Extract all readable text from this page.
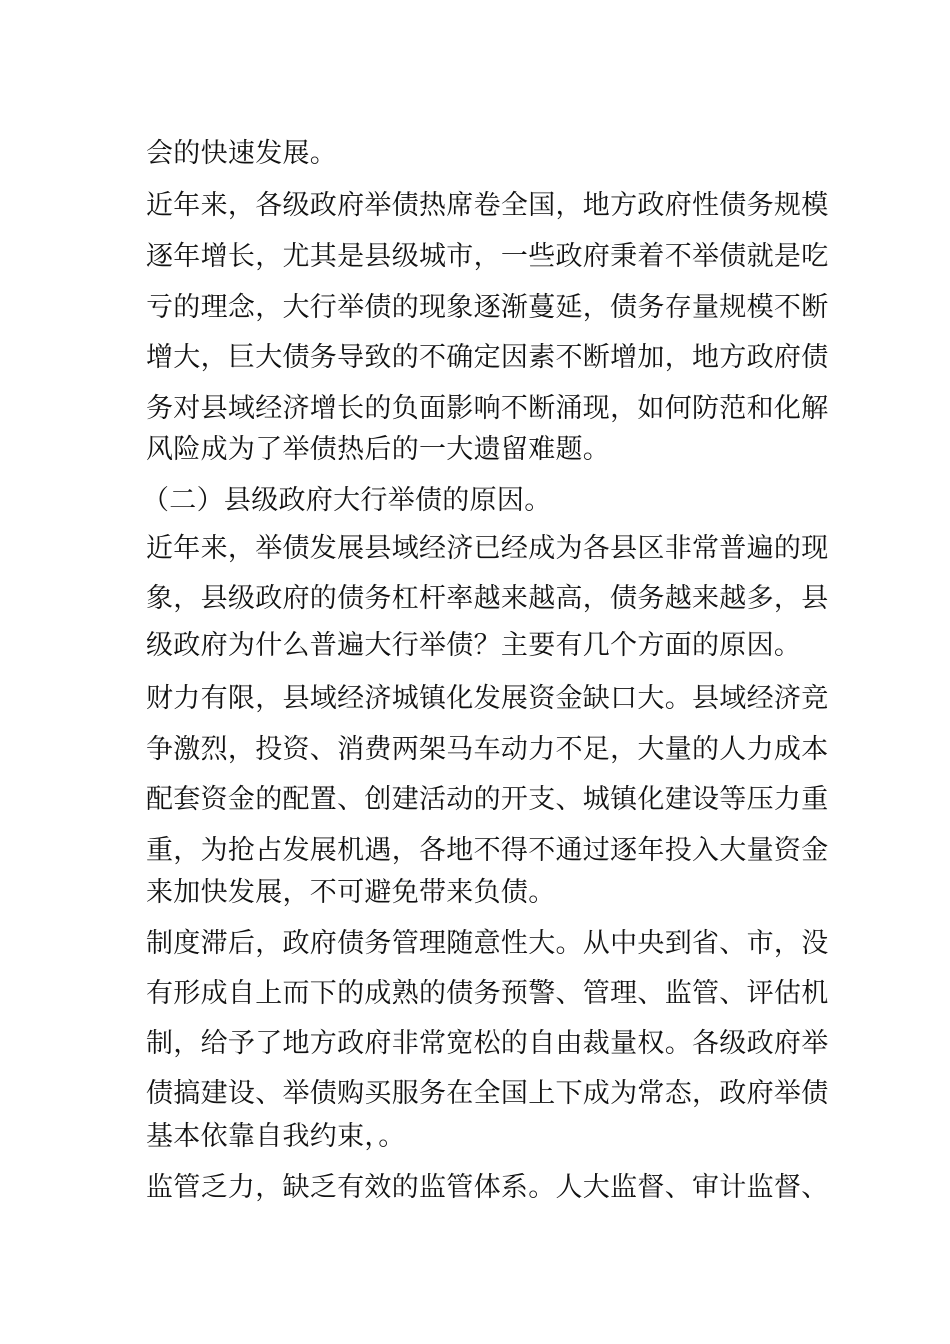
会的快速发展。

近年来，各级政府举债热席卷全国，地方政府性债务规模

逐年增长，尤其是县级城市，一些政府秉着不举债就是吃

亏的理念，大行举债的现象逐渐蔓延，债务存量规模不断

增大，巨大债务导致的不确定因素不断增加，地方政府债

务对县域经济增长的负面影响不断涌现，如何防范和化解

风险成为了举债热后的一大遗留难题。

（二）县级政府大行举债的原因。

近年来，举债发展县域经济已经成为各县区非常普遍的现

象，县级政府的债务杠杆率越来越高，债务越来越多，县

级政府为什么普遍大行举债？主要有几个方面的原因。

财力有限，县域经济城镇化发展资金缺口大。县域经济竞

争激烈，投资、消费两架马车动力不足，大量的人力成本

配套资金的配置、创建活动的开支、城镇化建设等压力重

重，为抢占发展机遇，各地不得不通过逐年投入大量资金

来加快发展，不可避免带来负债。

制度滞后，政府债务管理随意性大。从中央到省、市，没

有形成自上而下的成熟的债务预警、管理、监管、评估机

制，给予了地方政府非常宽松的自由裁量权。各级政府举

债搞建设、举债购买服务在全国上下成为常态，政府举债

基本依靠自我约束，。

监管乏力，缺乏有效的监管体系。人大监督、审计监督、
